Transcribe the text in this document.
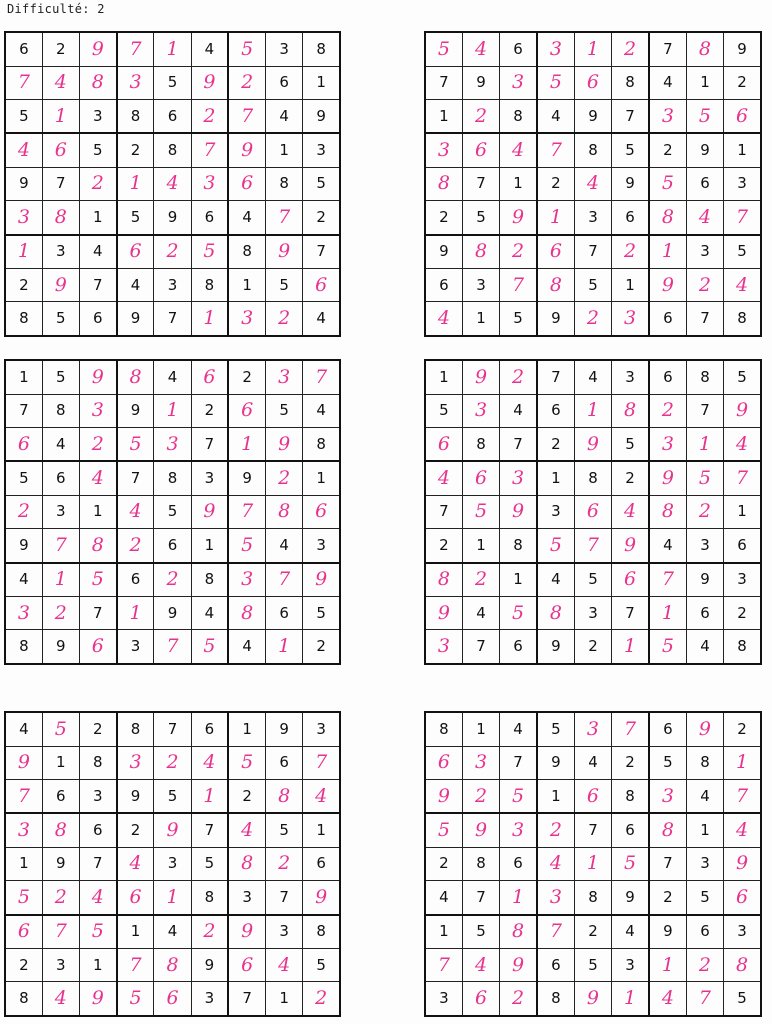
Difficulté: 2
6	2	9	7	1	4	5	3	8
7	4	8	3	5	9	2	6	1
5	1	3	8	6	2	7	4	9
4	6	5	2	8	7	9	1	3
9	7	2	1	4	3	6	8	5
3	8	1	5	9	6	4	7	2
1	3	4	6	2	5	8	9	7
2	9	7	4	3	8	1	5	6
8	5	6	9	7	1	3	2	4
5	4	6	3	1	2	7	8	9
7	9	3	5	6	8	4	1	2
1	2	8	4	9	7	3	5	6
3	6	4	7	8	5	2	9	1
8	7	1	2	4	9	5	6	3
2	5	9	1	3	6	8	4	7
9	8	2	6	7	2	1	3	5
6	3	7	8	5	1	9	2	4
4	1	5	9	2	3	6	7	8
1	5	9	8	4	6	2	3	7
7	8	3	9	1	2	6	5	4
6	4	2	5	3	7	1	9	8
5	6	4	7	8	3	9	2	1
2	3	1	4	5	9	7	8	6
9	7	8	2	6	1	5	4	3
4	1	5	6	2	8	3	7	9
3	2	7	1	9	4	8	6	5
8	9	6	3	7	5	4	1	2
1	9	2	7	4	3	6	8	5
5	3	4	6	1	8	2	7	9
6	8	7	2	9	5	3	1	4
4	6	3	1	8	2	9	5	7
7	5	9	3	6	4	8	2	1
2	1	8	5	7	9	4	3	6
8	2	1	4	5	6	7	9	3
9	4	5	8	3	7	1	6	2
3	7	6	9	2	1	5	4	8
4	5	2	8	7	6	1	9	3
9	1	8	3	2	4	5	6	7
7	6	3	9	5	1	2	8	4
3	8	6	2	9	7	4	5	1
1	9	7	4	3	5	8	2	6
5	2	4	6	1	8	3	7	9
6	7	5	1	4	2	9	3	8
2	3	1	7	8	9	6	4	5
8	4	9	5	6	3	7	1	2
8	1	4	5	3	7	6	9	2
6	3	7	9	4	2	5	8	1
9	2	5	1	6	8	3	4	7
5	9	3	2	7	6	8	1	4
2	8	6	4	1	5	7	3	9
4	7	1	3	8	9	2	5	6
1	5	8	7	2	4	9	6	3
7	4	9	6	5	3	1	2	8
3	6	2	8	9	1	4	7	5
